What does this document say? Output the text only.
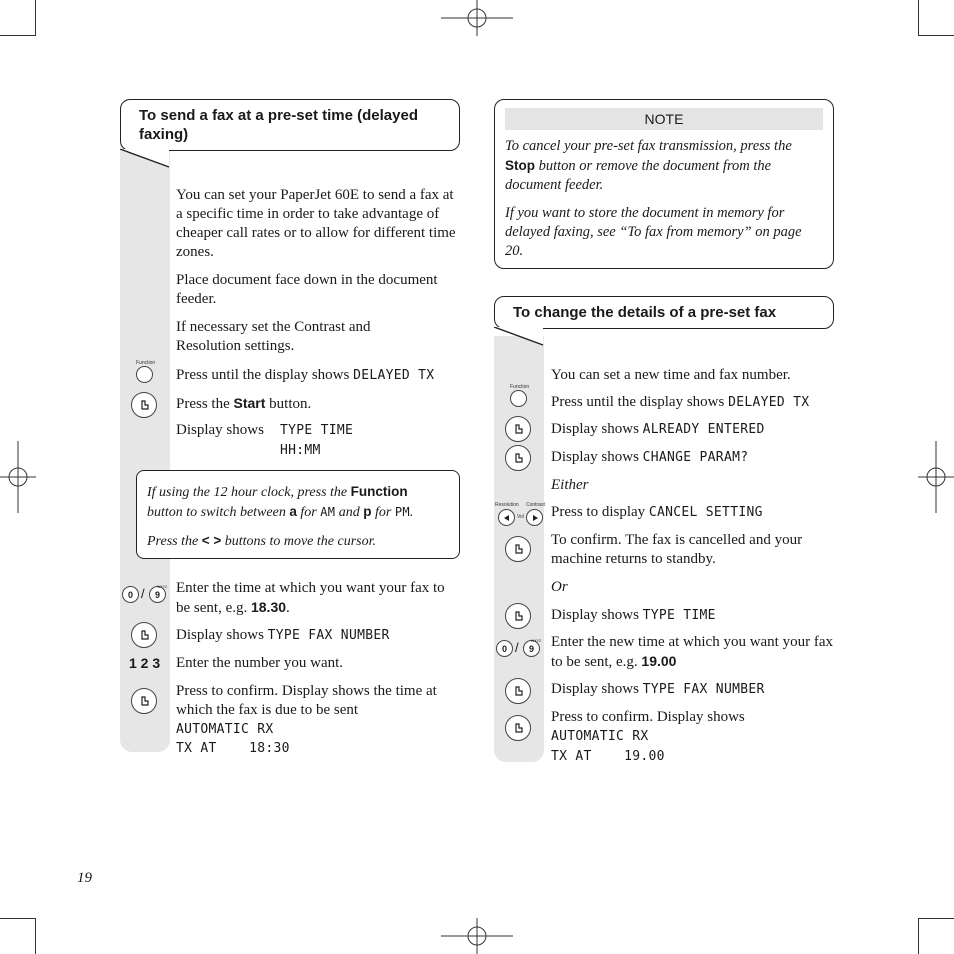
To send a fax at a pre-set time (delayed faxing)

You can set your PaperJet 60E to send a fax at a specific time in order to take advantage of cheaper call rates or to allow for different time zones.

Place document face down in the document feeder.

If necessary set the Contrast and Resolution settings.

Function
Press until the display shows DELAYED TX
Press the Start button.
Display shows TYPE TIME
HH:MM
If using the 12 hour clock, press the Function
button to switch between a for AM and p for PM.
Press the < > buttons to move the cursor.
0 / 9
WXYZ Enter the time at which you want your fax to be sent, e.g. 18.30.

Display shows TYPE FAX NUMBER
1 2 3 Enter the number you want.

Press to confirm. Display shows the time at which the fax is due to be sent

AUTOMATIC RX
TX AT    18:30
NOTE

To cancel your pre-set fax transmission, press the Stop button or remove the document from the document feeder.

If you want to store the document in memory for delayed faxing, see “To fax from memory” on page 20.

To change the details of a pre-set fax
You can set a new time and fax number.
Function
Press until the display shows DELAYED TX
Display shows ALREADY ENTERED
Display shows CHANGE PARAM?
Either
Resolution Contrast
Vol Press to display CANCEL SETTING

To confirm. The fax is cancelled and your machine returns to standby.

Or
Display shows TYPE TIME
0 / 9
WXYZ Enter the new time at which you want your fax to be sent, e.g. 19.00

Display shows TYPE FAX NUMBER
Press to confirm. Display shows
AUTOMATIC RX
TX AT    19.00
19
